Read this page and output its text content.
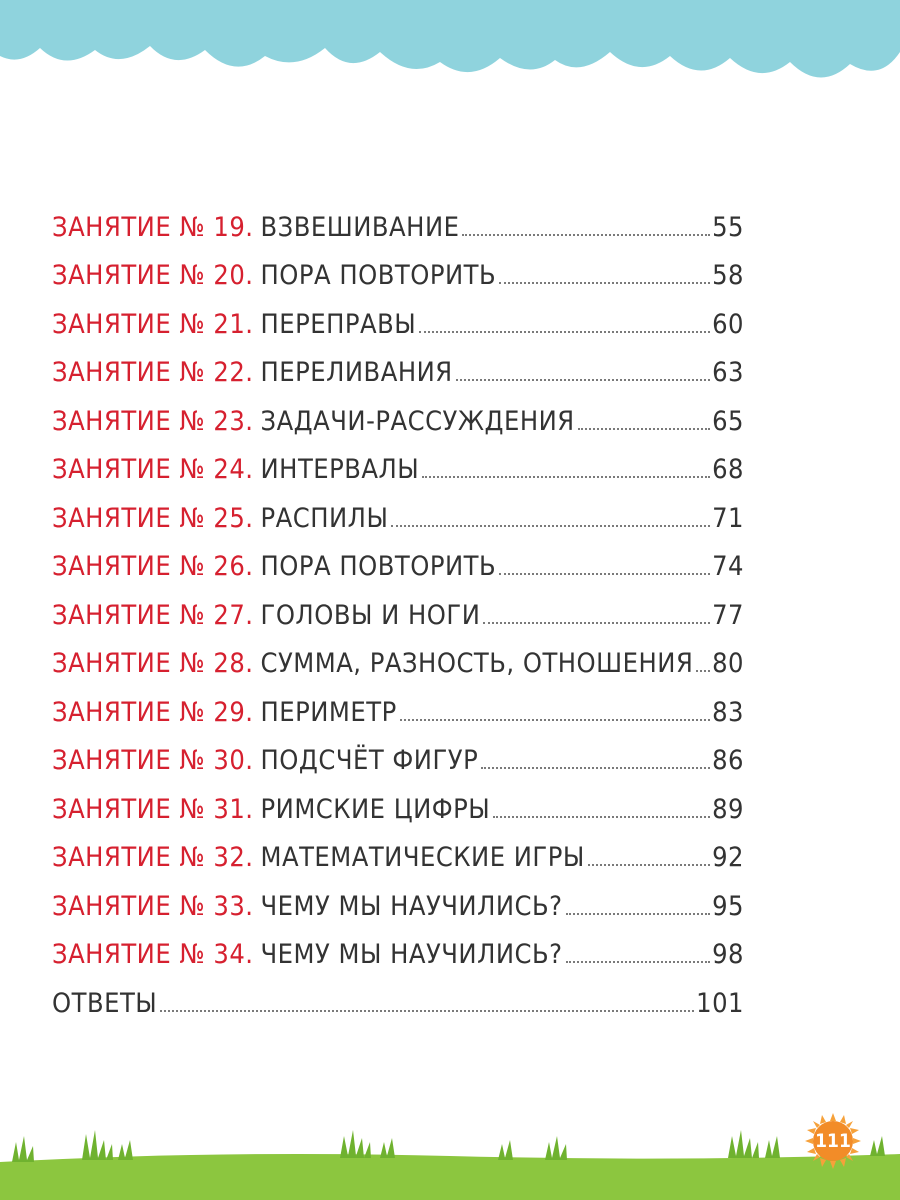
ЗАНЯТИЕ № 19. ВЗВЕШИВАНИЕ	55
ЗАНЯТИЕ № 20. ПОРА ПОВТОРИТЬ	58
ЗАНЯТИЕ № 21. ПЕРЕПРАВЫ	60
ЗАНЯТИЕ № 22. ПЕРЕЛИВАНИЯ	63
ЗАНЯТИЕ № 23. ЗАДАЧИ-РАССУЖДЕНИЯ	65
ЗАНЯТИЕ № 24. ИНТЕРВАЛЫ	68
ЗАНЯТИЕ № 25. РАСПИЛЫ	71
ЗАНЯТИЕ № 26. ПОРА ПОВТОРИТЬ	74
ЗАНЯТИЕ № 27. ГОЛОВЫ И НОГИ	77
ЗАНЯТИЕ № 28. СУММА, РАЗНОСТЬ, ОТНОШЕНИЯ 80
ЗАНЯТИЕ № 29. ПЕРИМЕТР	83
ЗАНЯТИЕ № 30. ПОДСЧЁТ ФИГУР	86
ЗАНЯТИЕ № 31. РИМСКИЕ ЦИФРЫ	89
ЗАНЯТИЕ № 32. МАТЕМАТИЧЕСКИЕ ИГРЫ	92
ЗАНЯТИЕ № 33. ЧЕМУ МЫ НАУЧИЛИСЬ?	95
ЗАНЯТИЕ № 34. ЧЕМУ МЫ НАУЧИЛИСЬ?	98
ОТВЕТЫ	101
111
